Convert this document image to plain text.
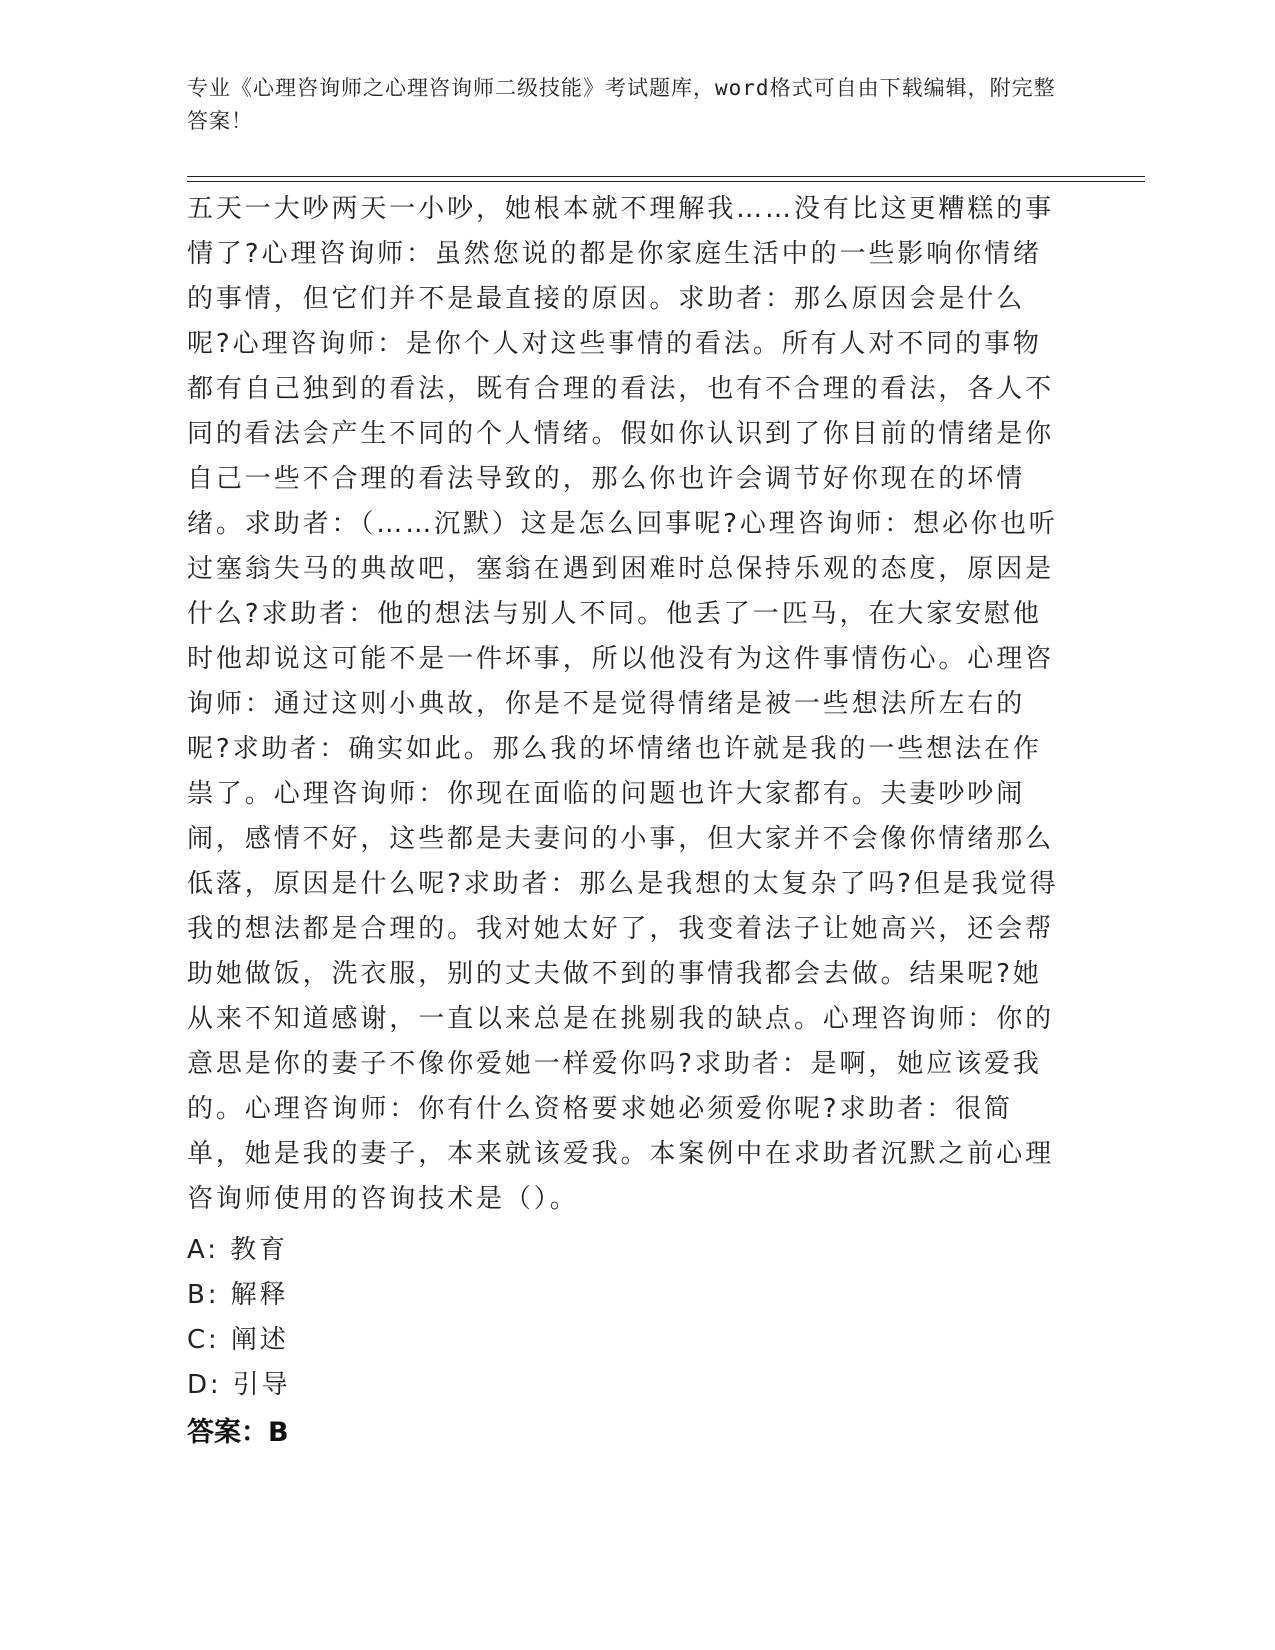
专业《心理咨询师之心理咨询师二级技能》考试题库，word格式可自由下载编辑，附完整答案！

五天一大吵两天一小吵，她根本就不理解我……没有比这更糟糕的事情了?心理咨询师：虽然您说的都是你家庭生活中的一些影响你情绪的事情，但它们并不是最直接的原因。求助者：那么原因会是什么呢?心理咨询师：是你个人对这些事情的看法。所有人对不同的事物都有自己独到的看法，既有合理的看法，也有不合理的看法，各人不同的看法会产生不同的个人情绪。假如你认识到了你目前的情绪是你自己一些不合理的看法导致的，那么你也许会调节好你现在的坏情绪。求助者：（……沉默）这是怎么回事呢?心理咨询师：想必你也听过塞翁失马的典故吧，塞翁在遇到困难时总保持乐观的态度，原因是什么?求助者：他的想法与别人不同。他丢了一匹马，在大家安慰他时他却说这可能不是一件坏事，所以他没有为这件事情伤心。心理咨询师：通过这则小典故，你是不是觉得情绪是被一些想法所左右的呢?求助者：确实如此。那么我的坏情绪也许就是我的一些想法在作祟了。心理咨询师：你现在面临的问题也许大家都有。夫妻吵吵闹闹，感情不好，这些都是夫妻问的小事，但大家并不会像你情绪那么低落，原因是什么呢?求助者：那么是我想的太复杂了吗?但是我觉得我的想法都是合理的。我对她太好了，我变着法子让她高兴，还会帮助她做饭，洗衣服，别的丈夫做不到的事情我都会去做。结果呢?她从来不知道感谢，一直以来总是在挑剔我的缺点。心理咨询师：你的意思是你的妻子不像你爱她一样爱你吗?求助者：是啊，她应该爱我的。心理咨询师：你有什么资格要求她必须爱你呢?求助者：很简单，她是我的妻子，本来就该爱我。本案例中在求助者沉默之前心理咨询师使用的咨询技术是（）。

A: 教育
B: 解释
C: 阐述
D: 引导
答案：B
